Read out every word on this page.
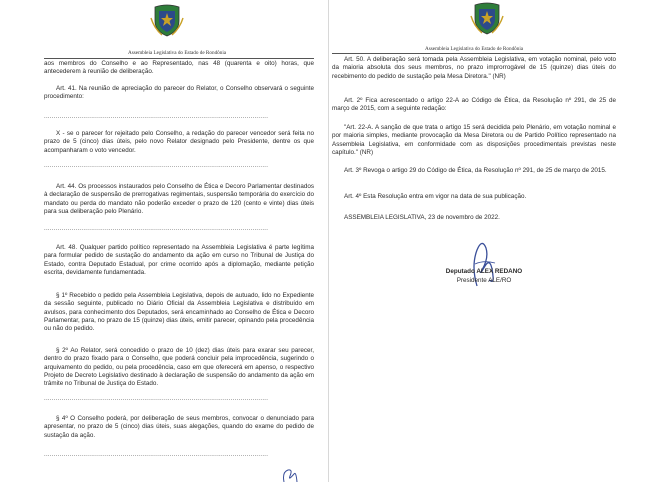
Assembleia Legislativa do Estado de Rondônia

aos membros do Conselho e ao Representado, nas 48 (quarenta e oito) horas, que antecederem à reunião de deliberação.

Art. 41. Na reunião de apreciação do parecer do Relator, o Conselho observará o seguinte procedimento:

..................................................................................................................

X - se o parecer for rejeitado pelo Conselho, a redação do parecer vencedor será feita no prazo de 5 (cinco) dias úteis, pelo novo Relator designado pelo Presidente, dentre os que acompanharam o voto vencedor.

..................................................................................................................

Art. 44. Os processos instaurados pelo Conselho de Ética e Decoro Parlamentar destinados à declaração de suspensão de prerrogativas regimentais, suspensão temporária do exercício do mandato ou perda do mandato não poderão exceder o prazo de 120 (cento e vinte) dias úteis para sua deliberação pelo Plenário.

..................................................................................................................

Art. 48. Qualquer partido político representado na Assembleia Legislativa é parte legítima para formular pedido de sustação do andamento da ação em curso no Tribunal de Justiça do Estado, contra Deputado Estadual, por crime ocorrido após a diplomação, mediante petição escrita, devidamente fundamentada.

§ 1º Recebido o pedido pela Assembleia Legislativa, depois de autuado, lido no Expediente da sessão seguinte, publicado no Diário Oficial da Assembleia Legislativa e distribuído em avulsos, para conhecimento dos Deputados, será encaminhado ao Conselho de Ética e Decoro Parlamentar, para, no prazo de 15 (quinze) dias úteis, emitir parecer, opinando pela procedência ou não do pedido.

§ 2º Ao Relator, será concedido o prazo de 10 (dez) dias úteis para exarar seu parecer, dentro do prazo fixado para o Conselho, que poderá concluir pela improcedência, sugerindo o arquivamento do pedido, ou pela procedência, caso em que oferecerá em apenso, o respectivo Projeto de Decreto Legislativo destinado à declaração de suspensão do andamento da ação em trâmite no Tribunal de Justiça do Estado.

..................................................................................................................

§ 4º O Conselho poderá, por deliberação de seus membros, convocar o denunciado para apresentar, no prazo de 5 (cinco) dias úteis, suas alegações, quando do exame do pedido de sustação da ação.

..................................................................................................................
Assembleia Legislativa do Estado de Rondônia

Art. 50. A deliberação será tomada pela Assembleia Legislativa, em votação nominal, pelo voto da maioria absoluta dos seus membros, no prazo improrrogável de 15 (quinze) dias úteis do recebimento do pedido de sustação pela Mesa Diretora." (NR)

Art. 2º Fica acrescentado o artigo 22-A ao Código de Ética, da Resolução nº 291, de 25 de março de 2015, com a seguinte redação:

"Art. 22-A. A sanção de que trata o artigo 15 será decidida pelo Plenário, em votação nominal e por maioria simples, mediante provocação da Mesa Diretora ou de Partido Político representado na Assembleia Legislativa, em conformidade com as disposições procedimentais previstas neste capítulo." (NR)

Art. 3º Revoga o artigo 29 do Código de Ética, da Resolução nº 291, de 25 de março de 2015.

Art. 4º Esta Resolução entra em vigor na data de sua publicação.

ASSEMBLEIA LEGISLATIVA, 23 de novembro de 2022.

Deputado ALEX REDANO
Presidente ALE/RO
